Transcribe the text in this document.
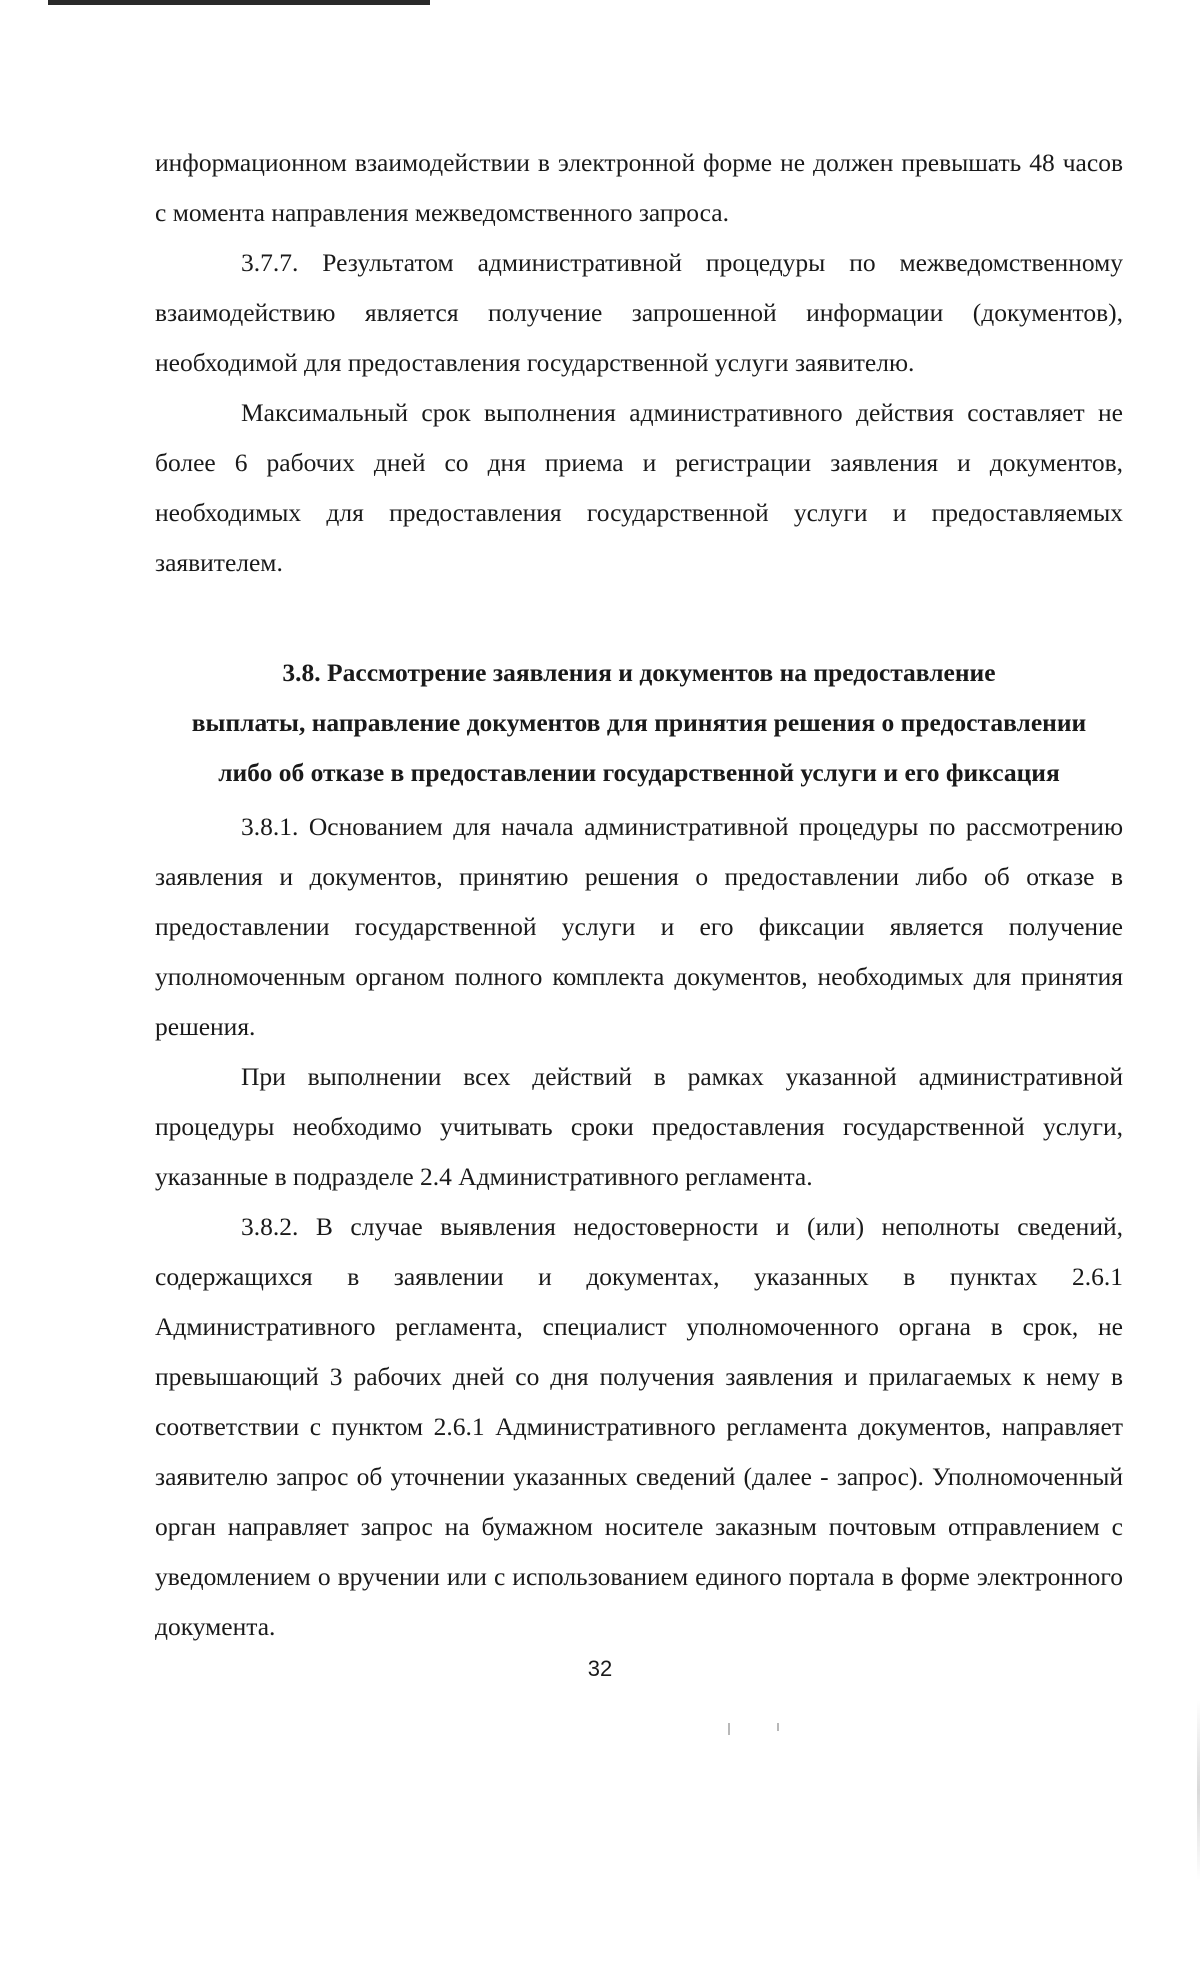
информационном взаимодействии в электронной форме не должен превышать 48 часов с момента направления межведомственного запроса.

3.7.7. Результатом административной процедуры по межведомственному взаимодействию является получение запрошенной информации (документов), необходимой для предоставления государственной услуги заявителю.

Максимальный срок выполнения административного действия составляет не более 6 рабочих дней со дня приема и регистрации заявления и документов, необходимых для предоставления государственной услуги и предоставляемых заявителем.

3.8. Рассмотрение заявления и документов на предоставление
выплаты, направление документов для принятия решения о предоставлении
либо об отказе в предоставлении государственной услуги и его фиксация

3.8.1. Основанием для начала административной процедуры по рассмотрению заявления и документов, принятию решения о предоставлении либо об отказе в предоставлении государственной услуги и его фиксации является получение уполномоченным органом полного комплекта документов, необходимых для принятия решения.

При выполнении всех действий в рамках указанной административной процедуры необходимо учитывать сроки предоставления государственной услуги, указанные в подразделе 2.4 Административного регламента.

3.8.2. В случае выявления недостоверности и (или) неполноты сведений, содержащихся в заявлении и документах, указанных в пунктах 2.6.1 Административного регламента, специалист уполномоченного органа в срок, не превышающий 3 рабочих дней со дня получения заявления и прилагаемых к нему в соответствии с пунктом 2.6.1 Административного регламента документов, направляет заявителю запрос об уточнении указанных сведений (далее - запрос). Уполномоченный орган направляет запрос на бумажном носителе заказным почтовым отправлением с уведомлением о вручении или с использованием единого портала в форме электронного документа.

32
